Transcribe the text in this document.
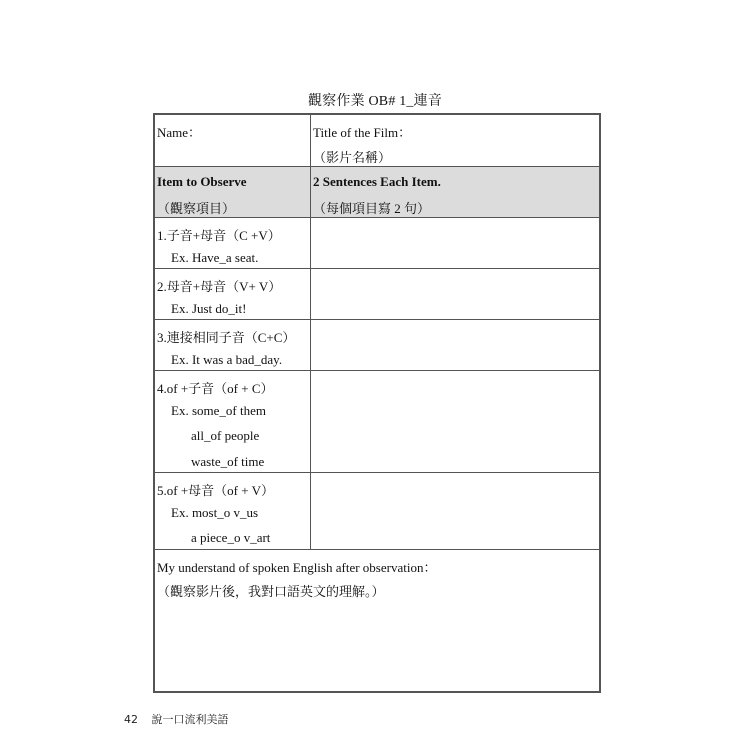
觀察作業 OB# 1_連音
Name：	Title of the Film：
（影片名稱）
Item to Observe
（觀察項目）
2 Sentences Each Item.
（每個項目寫 2 句）
1.子音+母音（C +V）
Ex. Have_a seat.
2.母音+母音（V+ V）
Ex. Just do_it!
3.連接相同子音（C+C）
Ex. It was a bad_day.
4.of +子音（of + C）
Ex. some_of them
all_of people
waste_of time
5.of +母音（of + V）
Ex. most_o v_us
a piece_o v_art
My understand of spoken English after observation：
（觀察影片後，我對口語英文的理解。）
42 說一口流利美語
